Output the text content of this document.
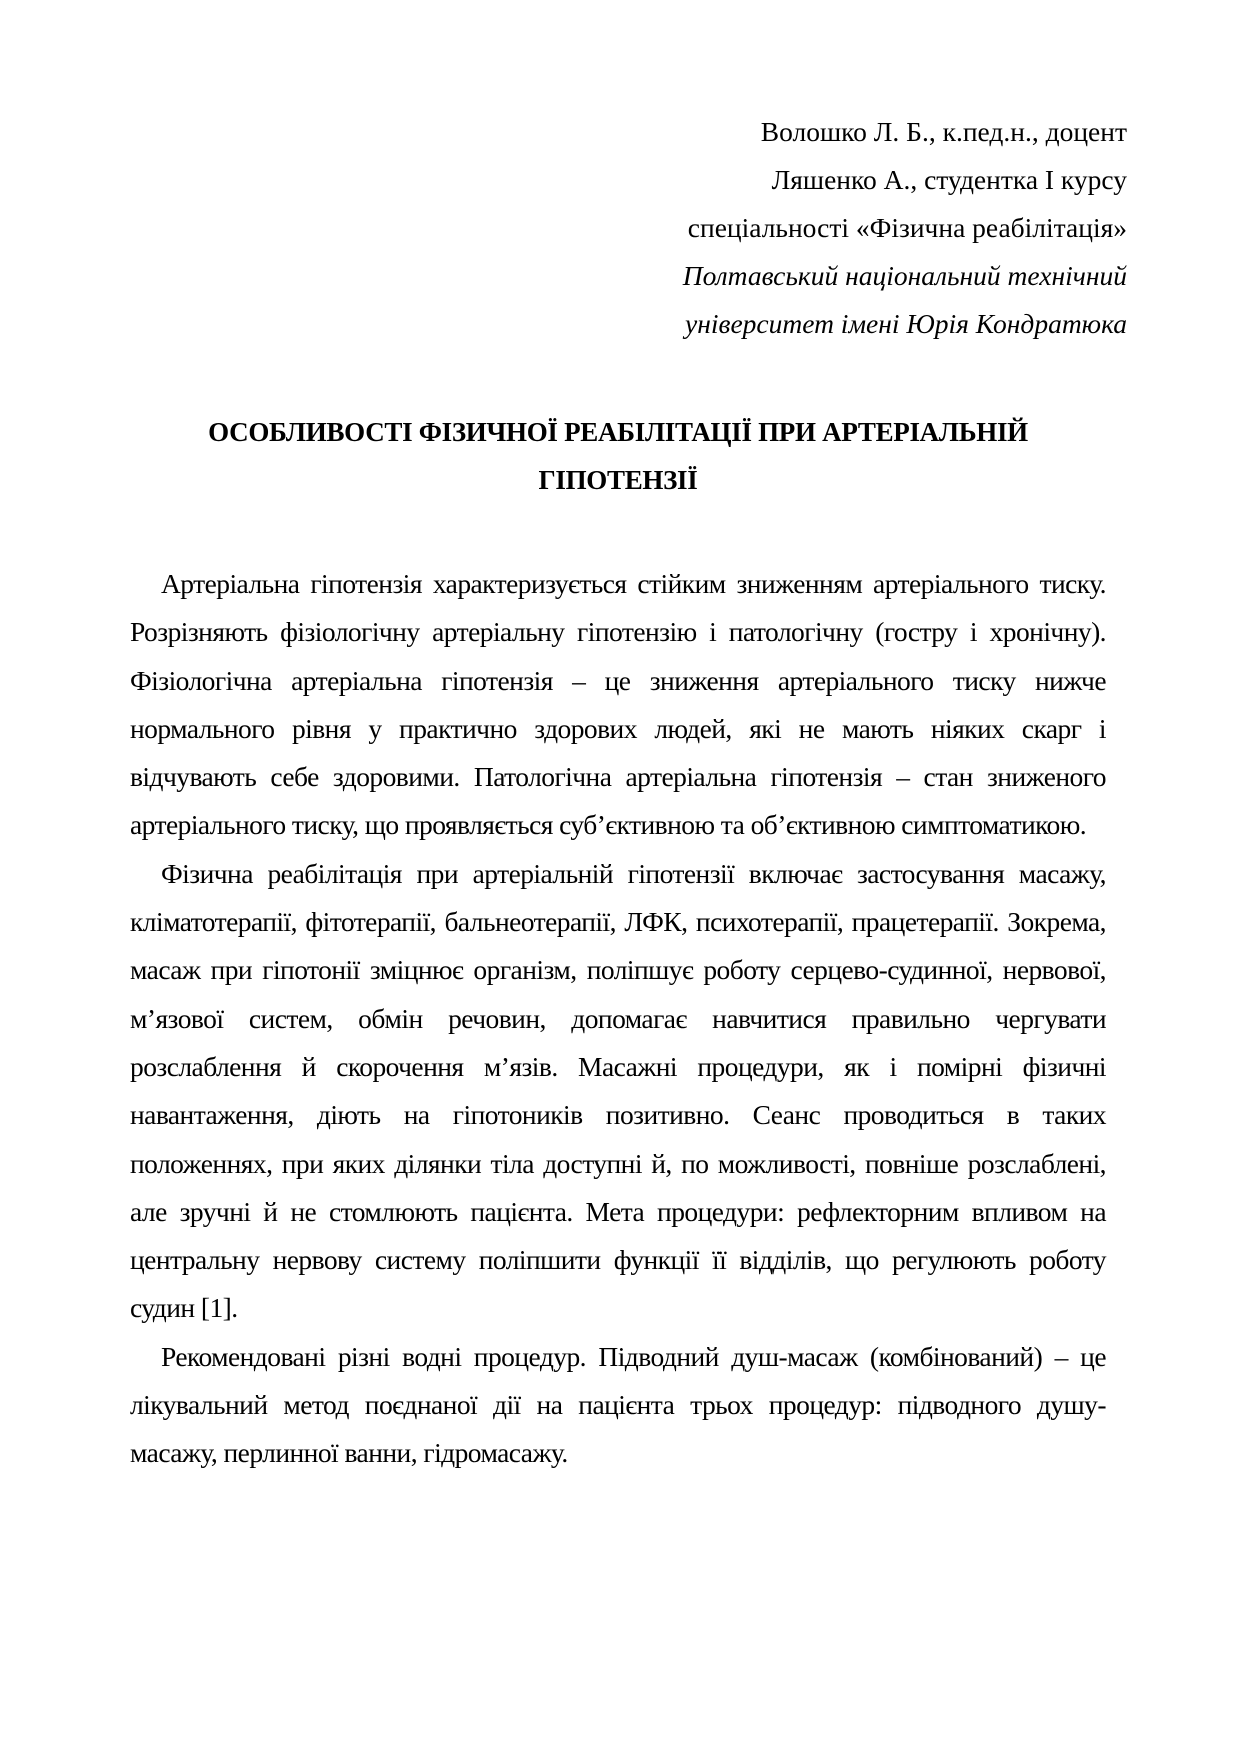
Волошко Л. Б., к.пед.н., доцент
Ляшенко А., студентка І курсу
спеціальності «Фізична реабілітація»
Полтавський національний технічний
університет імені Юрія Кондратюка
ОСОБЛИВОСТІ ФІЗИЧНОЇ РЕАБІЛІТАЦІЇ ПРИ АРТЕРІАЛЬНІЙ
ГІПОТЕНЗІЇ

Артеріальна гіпотензія характеризується стійким зниженням артеріального тиску. Розрізняють фізіологічну артеріальну гіпотензію і патологічну (гостру і хронічну). Фізіологічна артеріальна гіпотензія – це зниження артеріального тиску нижче нормального рівня у практично здорових людей, які не мають ніяких скарг і відчувають себе здоровими. Патологічна артеріальна гіпотензія – стан зниженого артеріального тиску, що проявляється суб’єктивною та об’єктивною симптоматикою.

Фізична реабілітація при артеріальній гіпотензії включає застосування масажу, кліматотерапії, фітотерапії, бальнеотерапії, ЛФК, психотерапії, працетерапії. Зокрема, масаж при гіпотонії зміцнює організм, поліпшує роботу серцево-судинної, нервової, м’язової систем, обмін речовин, допомагає навчитися правильно чергувати розслаблення й скорочення м’язів. Масажні процедури, як і помірні фізичні навантаження, діють на гіпотоників позитивно. Сеанс проводиться в таких положеннях, при яких ділянки тіла доступні й, по можливості, повніше розслаблені, але зручні й не стомлюють пацієнта. Мета процедури: рефлекторним впливом на центральну нервову систему поліпшити функції її відділів, що регулюють роботу судин [1].

Рекомендовані різні водні процедур. Підводний душ-масаж (комбінований) – це лікувальний метод поєднаної дії на пацієнта трьох процедур: підводного душу-масажу, перлинної ванни, гідромасажу.
